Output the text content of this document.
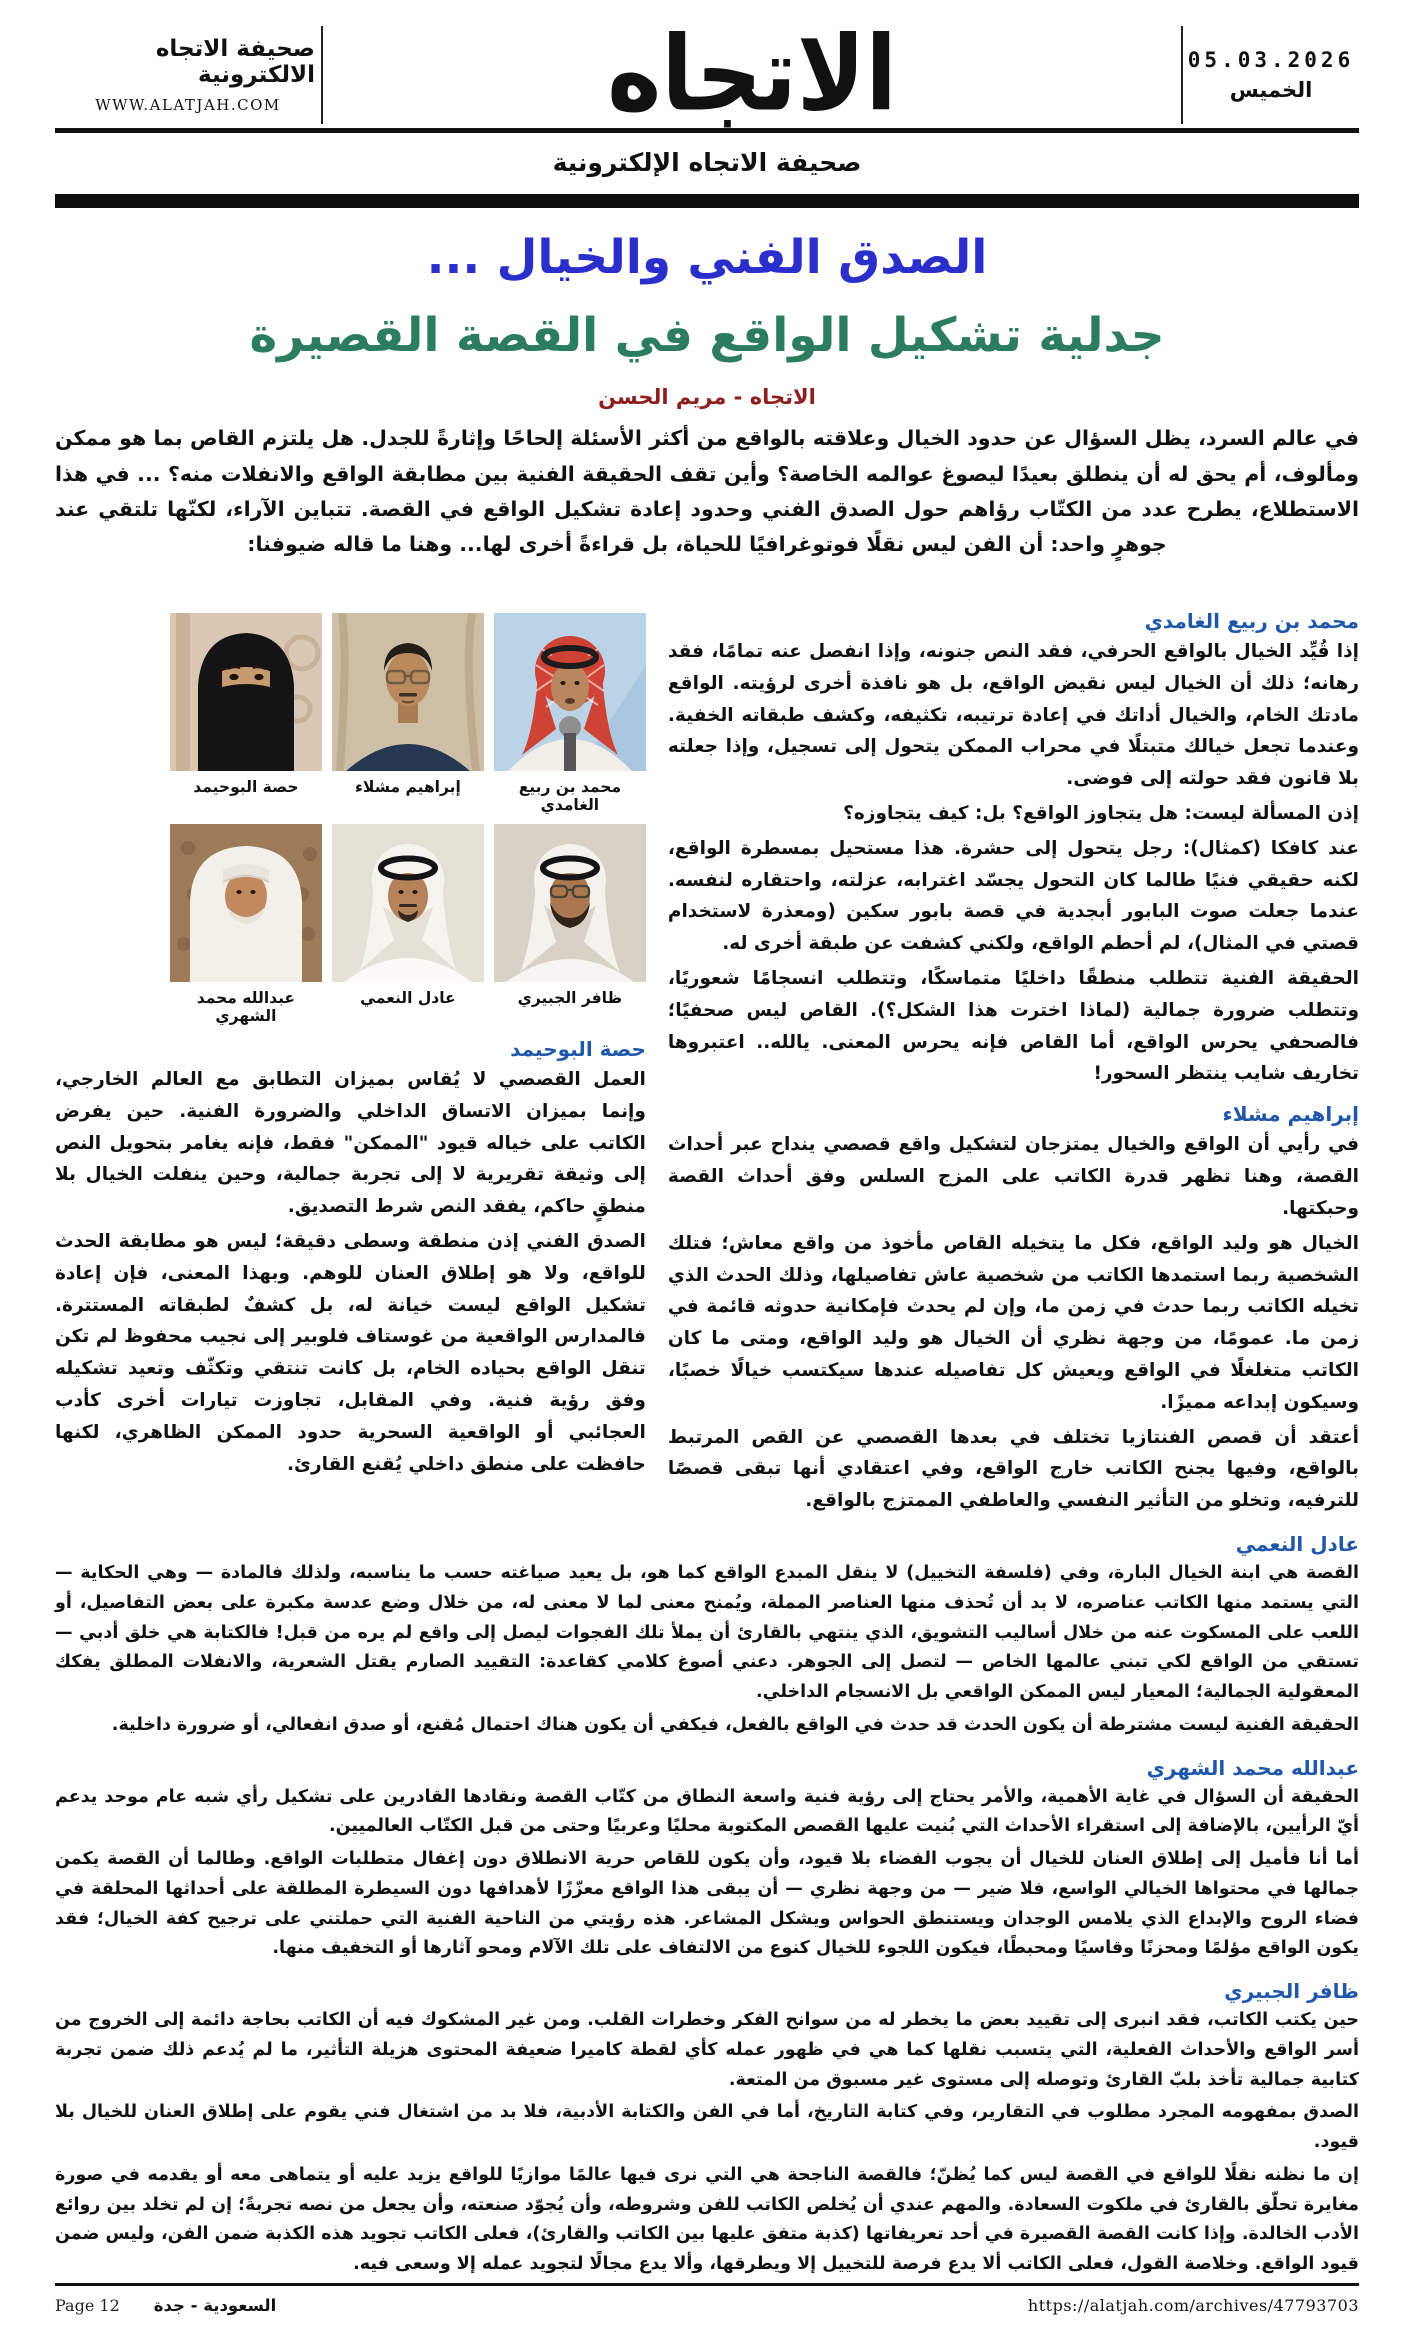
صحيفة الاتجاه الالكترونية
WWW.ALATJAH.COM	الاتجاه	05.03.2026
الخميس
صحيفة الاتجاه الإلكترونية
الصدق الفني والخيال ...
جدلية تشكيل الواقع في القصة القصيرة
الاتجاه - مريم الحسن

في عالم السرد، يظل السؤال عن حدود الخيال وعلاقته بالواقع من أكثر الأسئلة إلحاحًا وإثارةً للجدل. هل يلتزم القاص بما هو ممكن ومألوف، أم يحق له أن ينطلق بعيدًا ليصوغ عوالمه الخاصة؟ وأين تقف الحقيقة الفنية بين مطابقة الواقع والانفلات منه؟ ... في هذا الاستطلاع، يطرح عدد من الكتّاب رؤاهم حول الصدق الفني وحدود إعادة تشكيل الواقع في القصة. تتباين الآراء، لكنّها تلتقي عند جوهرٍ واحد: أن الفن ليس نقلًا فوتوغرافيًا للحياة، بل قراءةً أخرى لها... وهنا ما قاله ضيوفنا:

محمد بن ربيع الغامدي

إذا قُيِّد الخيال بالواقع الحرفي، فقد النص جنونه، وإذا انفصل عنه تمامًا، فقد رهانه؛ ذلك أن الخيال ليس نقيض الواقع، بل هو نافذة أخرى لرؤيته. الواقع مادتك الخام، والخيال أداتك في إعادة ترتيبه، تكثيفه، وكشف طبقاته الخفية. وعندما تجعل خيالك متبتلًا في محراب الممكن يتحول إلى تسجيل، وإذا جعلته بلا قانون فقد حولته إلى فوضى.

إذن المسألة ليست: هل يتجاوز الواقع؟ بل: كيف يتجاوزه؟

عند كافكا (كمثال): رجل يتحول إلى حشرة. هذا مستحيل بمسطرة الواقع، لكنه حقيقي فنيًا طالما كان التحول يجسّد اغترابه، عزلته، واحتقاره لنفسه. عندما جعلت صوت البابور أبجدية في قصة بابور سكين (ومعذرة لاستخدام قصتي في المثال)، لم أحطم الواقع، ولكني كشفت عن طبقة أخرى له.

الحقيقة الفنية تتطلب منطقًا داخليًا متماسكًا، وتتطلب انسجامًا شعوريًا، وتتطلب ضرورة جمالية (لماذا اخترت هذا الشكل؟). القاص ليس صحفيًا؛ فالصحفي يحرس الواقع، أما القاص فإنه يحرس المعنى. يالله.. اعتبروها تخاريف شايب ينتظر السحور!

إبراهيم مشلاء

في رأيي أن الواقع والخيال يمتزجان لتشكيل واقع قصصي ينداح عبر أحداث القصة، وهنا تظهر قدرة الكاتب على المزج السلس وفق أحداث القصة وحبكتها.

الخيال هو وليد الواقع، فكل ما يتخيله القاص مأخوذ من واقع معاش؛ فتلك الشخصية ربما استمدها الكاتب من شخصية عاش تفاصيلها، وذلك الحدث الذي تخيله الكاتب ربما حدث في زمن ما، وإن لم يحدث فإمكانية حدوثه قائمة في زمن ما. عمومًا، من وجهة نظري أن الخيال هو وليد الواقع، ومتى ما كان الكاتب متغلغلًا في الواقع ويعيش كل تفاصيله عندها سيكتسب خيالًا خصبًا، وسيكون إبداعه مميزًا.

أعتقد أن قصص الفنتازيا تختلف في بعدها القصصي عن القص المرتبط بالواقع، وفيها يجنح الكاتب خارج الواقع، وفي اعتقادي أنها تبقى قصصًا للترفيه، وتخلو من التأثير النفسي والعاطفي الممتزج بالواقع.

محمد بن ربيع الغامدي
إبراهيم مشلاء
حصة البوحيمد
ظافر الجبيري
عادل النعمي
عبدالله محمد الشهري
حصة البوحيمد

العمل القصصي لا يُقاس بميزان التطابق مع العالم الخارجي، وإنما بميزان الاتساق الداخلي والضرورة الفنية. حين يفرض الكاتب على خياله قيود "الممكن" فقط، فإنه يغامر بتحويل النص إلى وثيقة تقريرية لا إلى تجربة جمالية، وحين ينفلت الخيال بلا منطقٍ حاكم، يفقد النص شرط التصديق.

الصدق الفني إذن منطقة وسطى دقيقة؛ ليس هو مطابقة الحدث للواقع، ولا هو إطلاق العنان للوهم. وبهذا المعنى، فإن إعادة تشكيل الواقع ليست خيانة له، بل كشفٌ لطبقاته المستترة. فالمدارس الواقعية من غوستاف فلوبير إلى نجيب محفوظ لم تكن تنقل الواقع بحياده الخام، بل كانت تنتقي وتكثّف وتعيد تشكيله وفق رؤية فنية. وفي المقابل، تجاوزت تيارات أخرى كأدب العجائبي أو الواقعية السحرية حدود الممكن الظاهري، لكنها حافظت على منطق داخلي يُقنع القارئ.

عادل النعمي

القصة هي ابنة الخيال البارة، وفي (فلسفة التخييل) لا ينقل المبدع الواقع كما هو، بل يعيد صياغته حسب ما يناسبه، ولذلك فالمادة — وهي الحكاية — التي يستمد منها الكاتب عناصره، لا بد أن تُحذف منها العناصر المملة، ويُمنح معنى لما لا معنى له، من خلال وضع عدسة مكبرة على بعض التفاصيل، أو اللعب على المسكوت عنه من خلال أساليب التشويق، الذي ينتهي بالقارئ أن يملأ تلك الفجوات ليصل إلى واقع لم يره من قبل! فالكتابة هي خلق أدبي — تستقي من الواقع لكي تبني عالمها الخاص — لتصل إلى الجوهر. دعني أصوغ كلامي كقاعدة: التقييد الصارم يقتل الشعرية، والانفلات المطلق يفكك المعقولية الجمالية؛ المعيار ليس الممكن الواقعي بل الانسجام الداخلي.

الحقيقة الفنية ليست مشترطة أن يكون الحدث قد حدث في الواقع بالفعل، فيكفي أن يكون هناك احتمال مُقنع، أو صدق انفعالي، أو ضرورة داخلية.

عبدالله محمد الشهري

الحقيقة أن السؤال في غاية الأهمية، والأمر يحتاج إلى رؤية فنية واسعة النطاق من كتّاب القصة ونقادها القادرين على تشكيل رأي شبه عام موحد يدعم أيّ الرأيين، بالإضافة إلى استقراء الأحداث التي بُنيت عليها القصص المكتوبة محليًا وعربيًا وحتى من قبل الكتّاب العالميين.

أما أنا فأميل إلى إطلاق العنان للخيال أن يجوب الفضاء بلا قيود، وأن يكون للقاص حرية الانطلاق دون إغفال متطلبات الواقع. وطالما أن القصة يكمن جمالها في محتواها الخيالي الواسع، فلا ضير — من وجهة نظري — أن يبقى هذا الواقع معزّزًا لأهدافها دون السيطرة المطلقة على أحداثها المحلقة في فضاء الروح والإبداع الذي يلامس الوجدان ويستنطق الحواس ويشكل المشاعر. هذه رؤيتي من الناحية الفنية التي حملتني على ترجيح كفة الخيال؛ فقد يكون الواقع مؤلمًا ومحزنًا وقاسيًا ومحبطًا، فيكون اللجوء للخيال كنوع من الالتفاف على تلك الآلام ومحو آثارها أو التخفيف منها.

ظافر الجبيري

حين يكتب الكاتب، فقد انبرى إلى تقييد بعض ما يخطر له من سوانح الفكر وخطرات القلب. ومن غير المشكوك فيه أن الكاتب بحاجة دائمة إلى الخروج من أسر الواقع والأحداث الفعلية، التي يتسبب نقلها كما هي في ظهور عمله كأي لقطة كاميرا ضعيفة المحتوى هزيلة التأثير، ما لم يُدعم ذلك ضمن تجربة كتابية جمالية تأخذ بلبّ القارئ وتوصله إلى مستوى غير مسبوق من المتعة.

الصدق بمفهومه المجرد مطلوب في التقارير، وفي كتابة التاريخ، أما في الفن والكتابة الأدبية، فلا بد من اشتغال فني يقوم على إطلاق العنان للخيال بلا قيود.

إن ما نظنه نقلًا للواقع في القصة ليس كما يُظنّ؛ فالقصة الناجحة هي التي نرى فيها عالمًا موازيًا للواقع يزيد عليه أو يتماهى معه أو يقدمه في صورة مغايرة تحلّق بالقارئ في ملكوت السعادة. والمهم عندي أن يُخلص الكاتب للفن وشروطه، وأن يُجوّد صنعته، وأن يجعل من نصه تجربةً؛ إن لم تخلد بين روائع الأدب الخالدة. وإذا كانت القصة القصيرة في أحد تعريفاتها (كذبة متفق عليها بين الكاتب والقارئ)، فعلى الكاتب تجويد هذه الكذبة ضمن الفن، وليس ضمن قيود الواقع. وخلاصة القول، فعلى الكاتب ألا يدع فرصة للتخييل إلا ويطرقها، وألا يدع مجالًا لتجويد عمله إلا وسعى فيه.

Page 12 السعودية - جدة	https://alatjah.com/archives/47793703
